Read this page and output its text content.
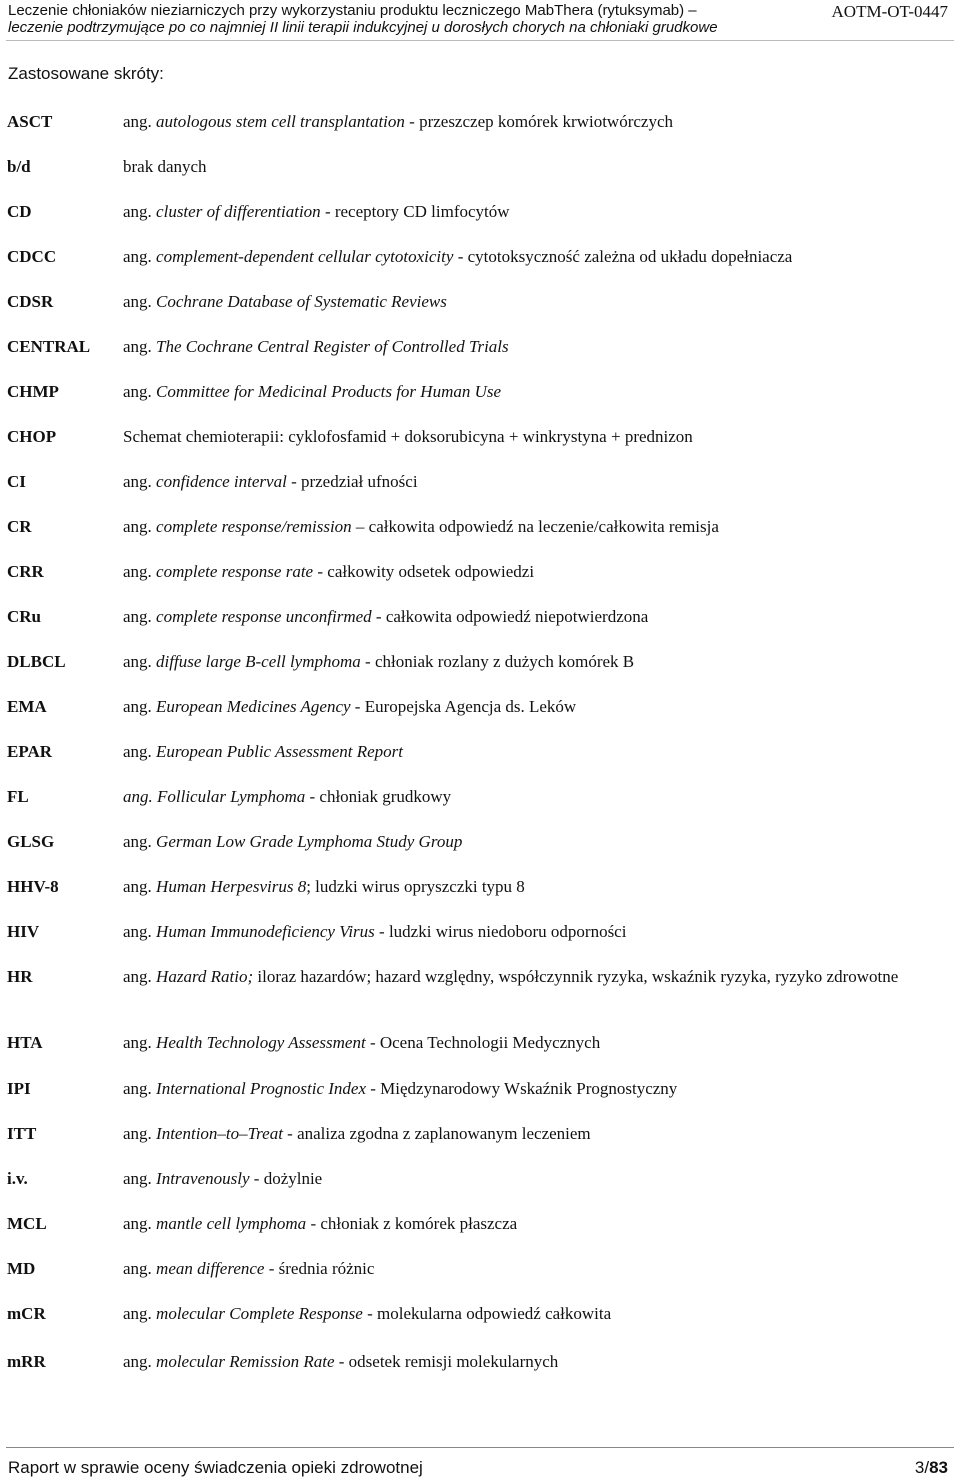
Leczenie chłoniaków nieziarniczych przy wykorzystaniu produktu leczniczego MabThera (rytuksymab) –
leczenie podtrzymujące po co najmniej II linii terapii indukcyjnej u dorosłych chorych na chłoniaki grudkowe
AOTM-OT-0447
Zastosowane skróty:
ASCT	ang. autologous stem cell transplantation - przeszczep komórek krwiotwórczych
b/d	brak danych
CD	ang. cluster of differentiation - receptory CD limfocytów
CDCC	ang. complement-dependent cellular cytotoxicity - cytotoksyczność zależna od układu dopełniacza
CDSR	ang. Cochrane Database of Systematic Reviews
CENTRAL ang. The Cochrane Central Register of Controlled Trials
CHMP	ang. Committee for Medicinal Products for Human Use
CHOP	Schemat chemioterapii: cyklofosfamid + doksorubicyna + winkrystyna + prednizon
CI	ang. confidence interval - przedział ufności
CR	ang. complete response/remission – całkowita odpowiedź na leczenie/całkowita remisja
CRR	ang. complete response rate - całkowity odsetek odpowiedzi
CRu	ang. complete response unconfirmed - całkowita odpowiedź niepotwierdzona
DLBCL	ang. diffuse large B-cell lymphoma - chłoniak rozlany z dużych komórek B
EMA	ang. European Medicines Agency - Europejska Agencja ds. Leków
EPAR	ang. European Public Assessment Report
FL	ang. Follicular Lymphoma - chłoniak grudkowy
GLSG	ang. German Low Grade Lymphoma Study Group
HHV-8	ang. Human Herpesvirus 8; ludzki wirus opryszczki typu 8
HIV	ang. Human Immunodeficiency Virus - ludzki wirus niedoboru odporności
HR	ang. Hazard Ratio; iloraz hazardów; hazard względny, współczynnik ryzyka, wskaźnik ryzyka, ryzyko zdrowotne
HTA	ang. Health Technology Assessment - Ocena Technologii Medycznych
IPI	ang. International Prognostic Index - Międzynarodowy Wskaźnik Prognostyczny
ITT	ang. Intention–to–Treat - analiza zgodna z zaplanowanym leczeniem
i.v.	ang. Intravenously - dożylnie
MCL	ang. mantle cell lymphoma - chłoniak z komórek płaszcza
MD	ang. mean difference - średnia różnic
mCR	ang. molecular Complete Response - molekularna odpowiedź całkowita
mRR	ang. molecular Remission Rate - odsetek remisji molekularnych
Raport w sprawie oceny świadczenia opieki zdrowotnej	3/83
